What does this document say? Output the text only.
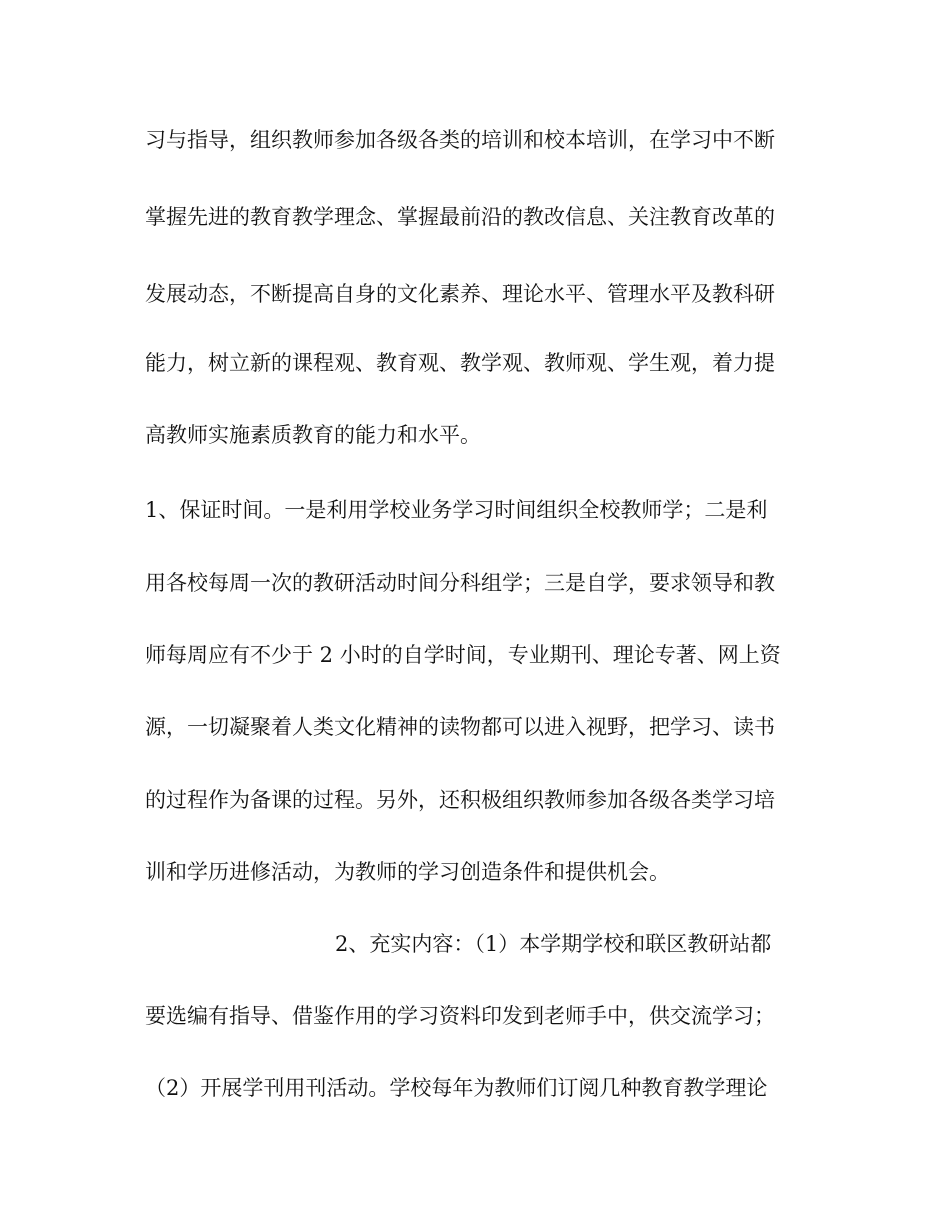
习与指导，组织教师参加各级各类的培训和校本培训，在学习中不断
掌握先进的教育教学理念、掌握最前沿的教改信息、关注教育改革的
发展动态，不断提高自身的文化素养、理论水平、管理水平及教科研
能力，树立新的课程观、教育观、教学观、教师观、学生观，着力提
高教师实施素质教育的能力和水平。
1、保证时间。一是利用学校业务学习时间组织全校教师学；二是利
用各校每周一次的教研活动时间分科组学；三是自学，要求领导和教
师每周应有不少于 2 小时的自学时间，专业期刊、理论专著、网上资
源，一切凝聚着人类文化精神的读物都可以进入视野，把学习、读书
的过程作为备课的过程。另外，还积极组织教师参加各级各类学习培
训和学历进修活动，为教师的学习创造条件和提供机会。
2、充实内容：（1）本学期学校和联区教研站都
要选编有指导、借鉴作用的学习资料印发到老师手中，供交流学习；
（2）开展学刊用刊活动。学校每年为教师们订阅几种教育教学理论
